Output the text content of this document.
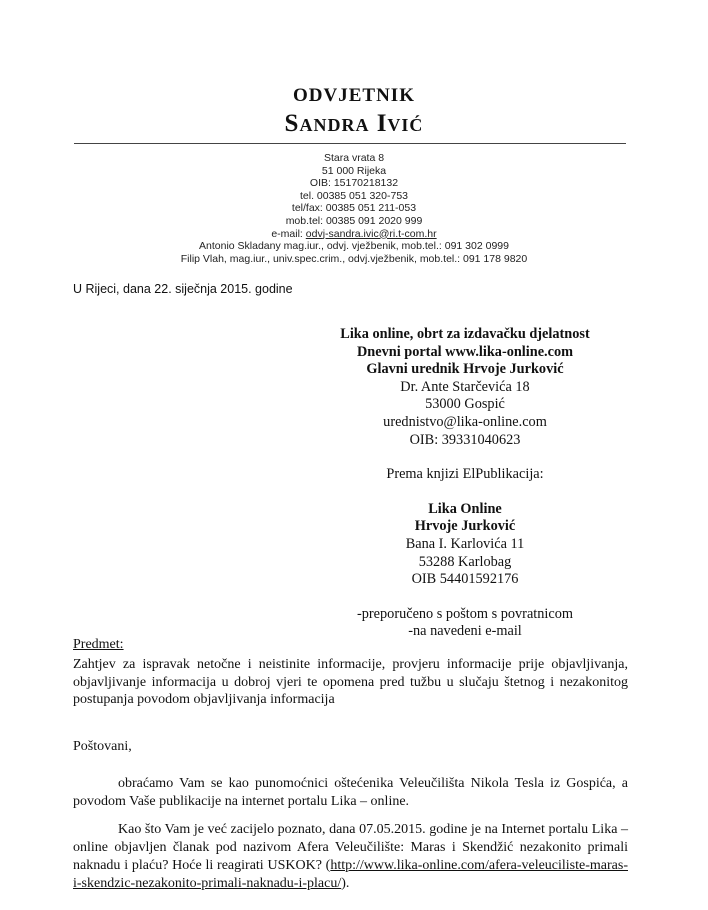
ODVJETNIK
Sandra Ivić
Stara vrata 8
51 000 Rijeka
OIB: 15170218132
tel. 00385 051 320-753
tel/fax: 00385 051 211-053
mob.tel: 00385 091 2020 999
e-mail: odvj-sandra.ivic@ri.t-com.hr
Antonio Skladany mag.iur., odvj. vježbenik, mob.tel.: 091 302 0999
Filip Vlah, mag.iur., univ.spec.crim., odvj.vježbenik, mob.tel.: 091 178 9820
U Rijeci, dana 22. siječnja 2015. godine
Lika online, obrt za izdavačku djelatnost
Dnevni portal www.lika-online.com
Glavni urednik Hrvoje Jurković
Dr. Ante Starčevića 18
53000 Gospić
urednistvo@lika-online.com
OIB: 39331040623
Prema knjizi ElPublikacija:
Lika Online
Hrvoje Jurković
Bana I. Karlovića 11
53288 Karlobag
OIB 54401592176
-preporučeno s poštom s povratnicom
-na navedeni e-mail
Predmet:
Zahtjev za ispravak netočne i neistinite informacije, provjeru informacije prije objavljivanja, objavljivanje informacija u dobroj vjeri te opomena pred tužbu u slučaju štetnog i nezakonitog postupanja povodom objavljivanja informacija
Poštovani,
obraćamo Vam se kao punomoćnici oštećenika Veleučilišta Nikola Tesla iz Gospića, a povodom Vaše publikacije na internet portalu Lika – online.
Kao što Vam je već zacijelo poznato, dana 07.05.2015. godine je na Internet portalu Lika – online objavljen članak pod nazivom Afera Veleučilište: Maras i Skendžić nezakonito primali naknadu i plaću? Hoće li reagirati USKOK? (http://www.lika-online.com/afera-veleuciliste-maras-i-skendzic-nezakonito-primali-naknadu-i-placu/).
